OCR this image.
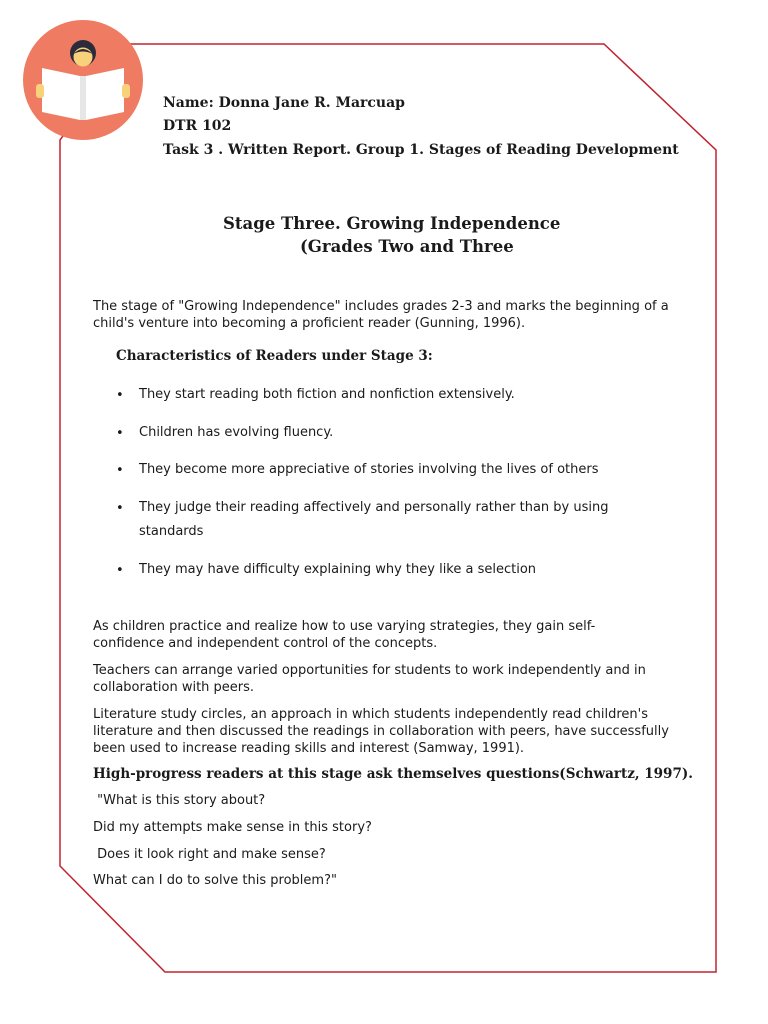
Name: Donna Jane R. Marcuap

DTR 102

Task 3 . Written Report. Group 1. Stages of Reading Development

Stage Three. Growing Independence

(Grades Two and Three

The stage of "Growing Independence" includes grades 2-3 and marks the beginning of a child's venture into becoming a proficient reader (Gunning, 1996).

Characteristics of Readers under Stage 3:

• They start reading both fiction and nonfiction extensively.
• Children has evolving fluency.
• They become more appreciative of stories involving the lives of others
• They judge their reading affectively and personally rather than by using standards
• They may have difficulty explaining why they like a selection

As children practice and realize how to use varying strategies, they gain self-confidence and independent control of the concepts.

Teachers can arrange varied opportunities for students to work independently and in collaboration with peers.

Literature study circles, an approach in which students independently read children's literature and then discussed the readings in collaboration with peers, have successfully been used to increase reading skills and interest (Samway, 1991).

High-progress readers at this stage ask themselves questions(Schwartz, 1997).

"What is this story about?

Did my attempts make sense in this story?

Does it look right and make sense?

What can I do to solve this problem?"
